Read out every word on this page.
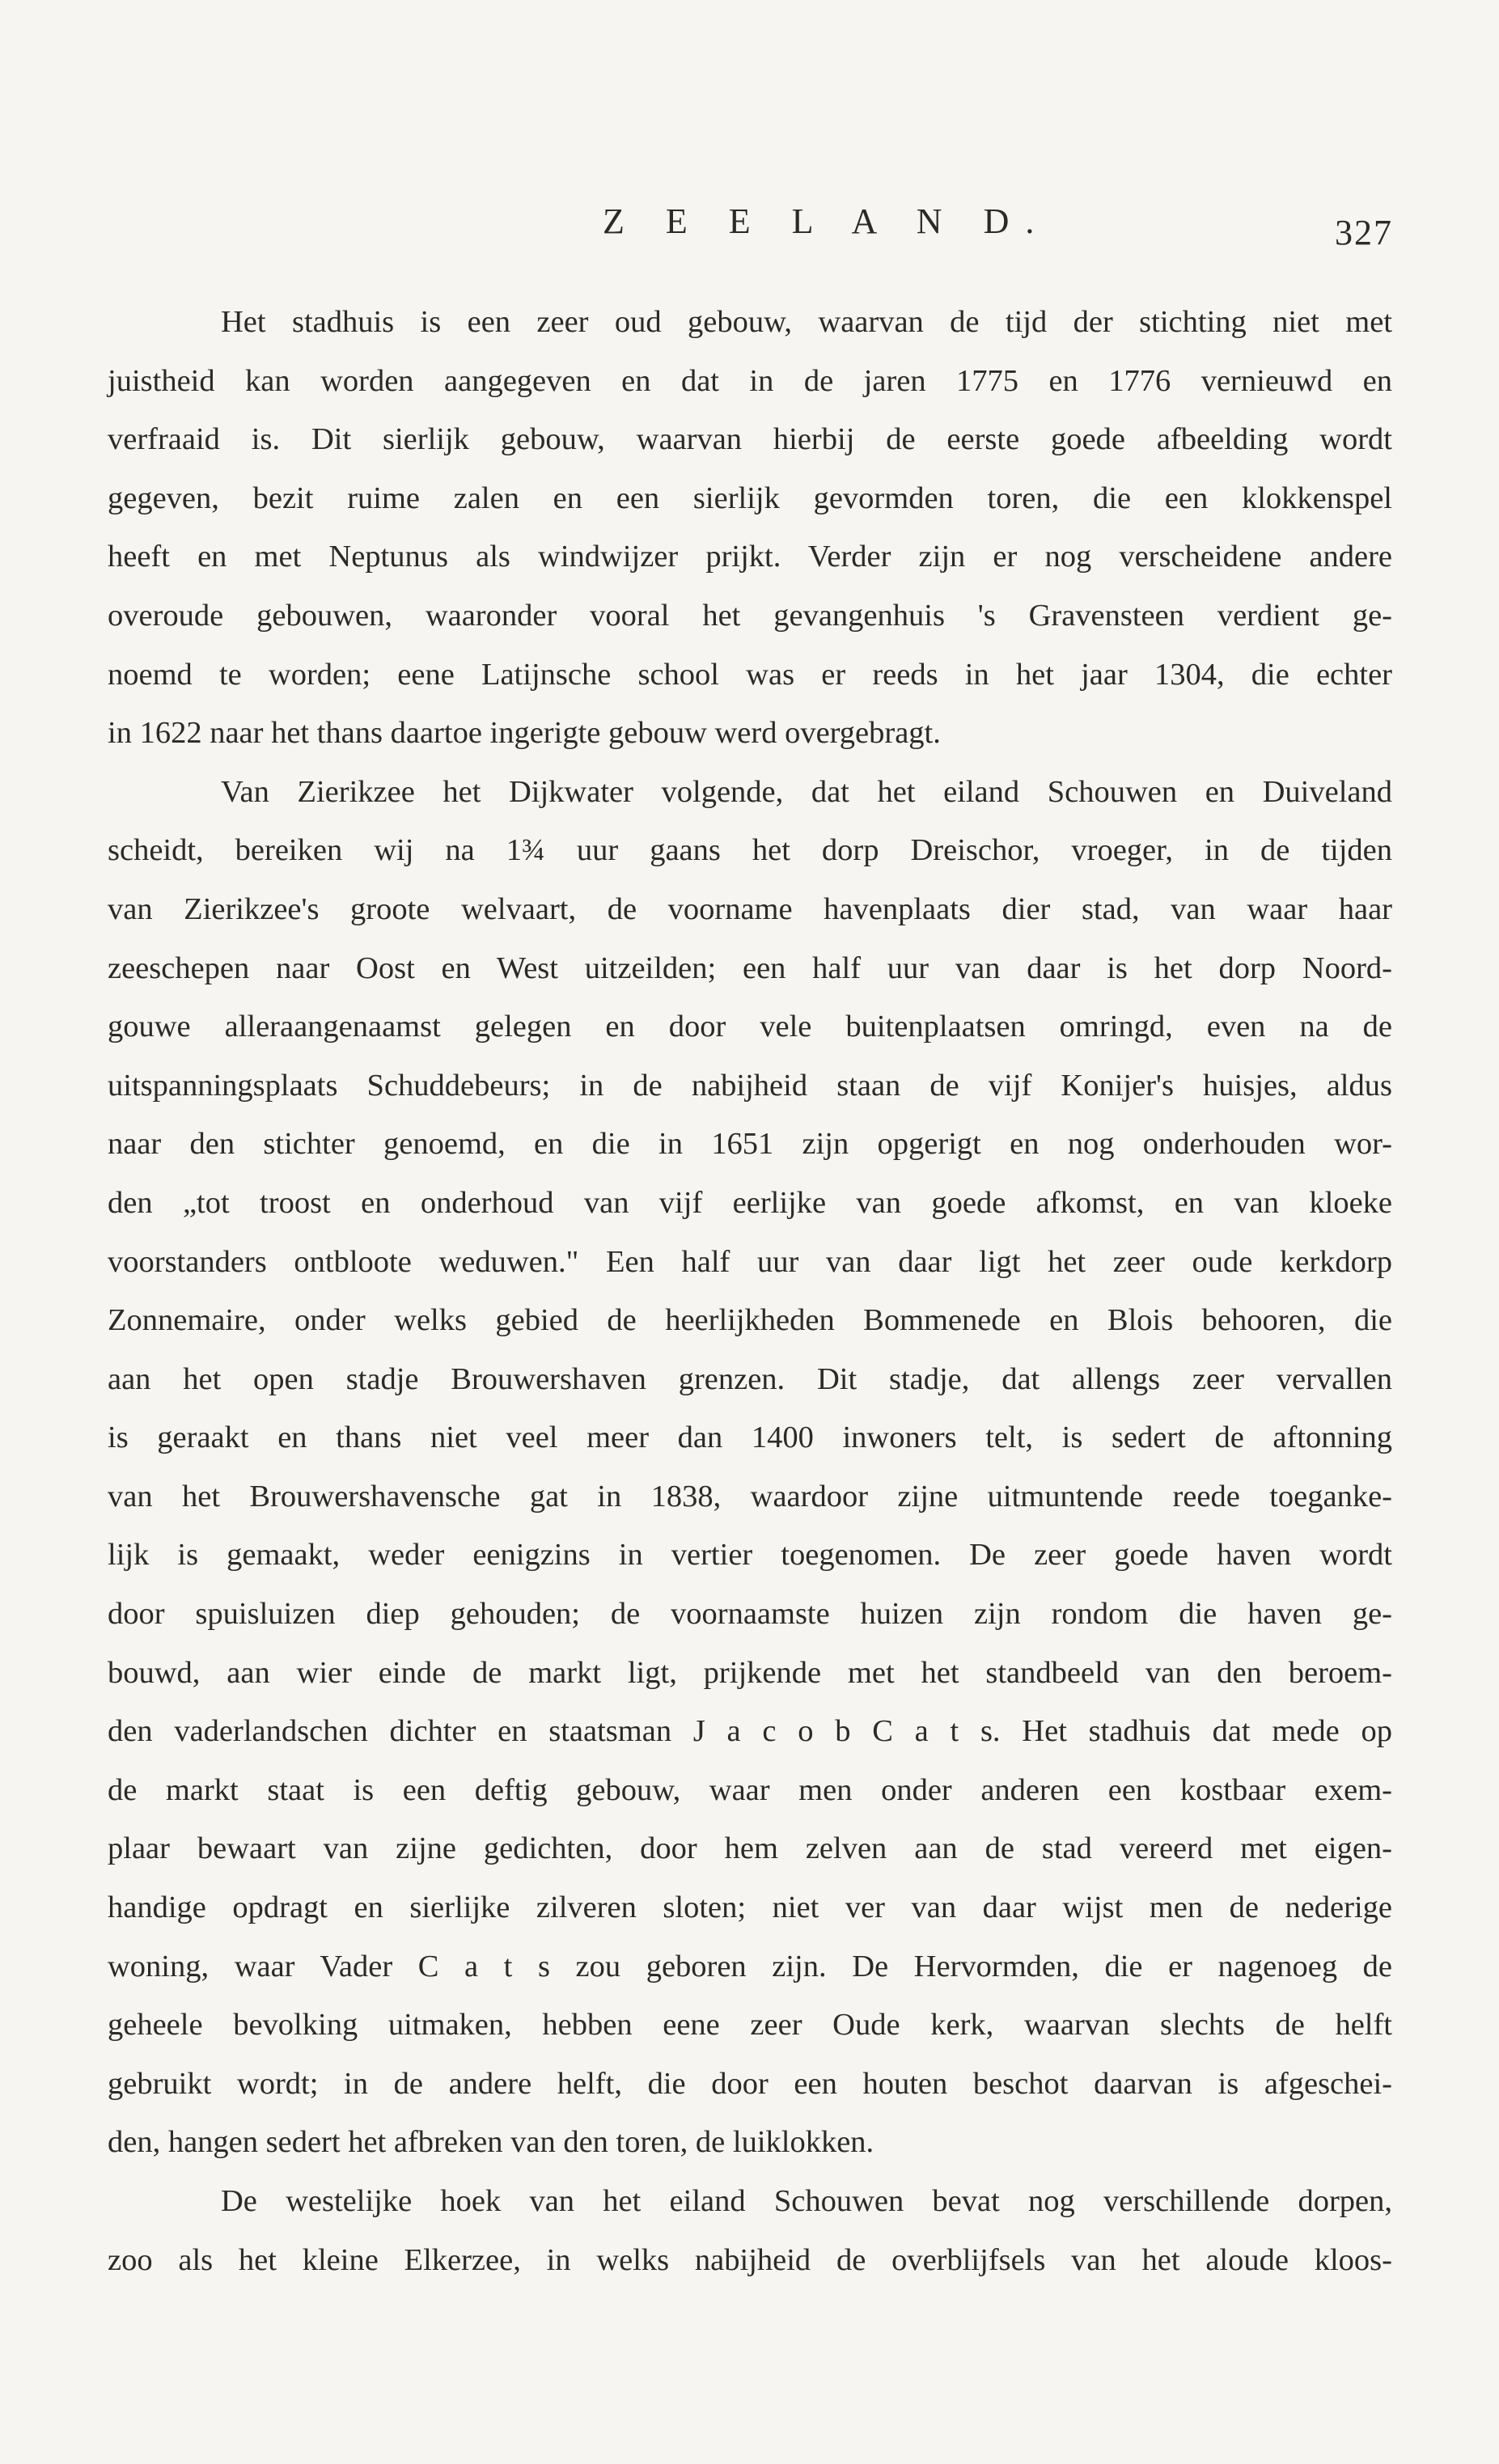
Z E E L A N D.	327
Het stadhuis is een zeer oud gebouw, waarvan de tijd der stichting niet met
juistheid kan worden aangegeven en dat in de jaren 1775 en 1776 vernieuwd en
verfraaid is. Dit sierlijk gebouw, waarvan hierbij de eerste goede afbeelding wordt
gegeven, bezit ruime zalen en een sierlijk gevormden toren, die een klokkenspel
heeft en met Neptunus als windwijzer prijkt. Verder zijn er nog verscheidene andere
overoude gebouwen, waaronder vooral het gevangenhuis 's Gravensteen verdient ge-
noemd te worden; eene Latijnsche school was er reeds in het jaar 1304, die echter
in 1622 naar het thans daartoe ingerigte gebouw werd overgebragt.
Van Zierikzee het Dijkwater volgende, dat het eiland Schouwen en Duiveland
scheidt, bereiken wij na 1¾ uur gaans het dorp Dreischor, vroeger, in de tijden
van Zierikzee's groote welvaart, de voorname havenplaats dier stad, van waar haar
zeeschepen naar Oost en West uitzeilden; een half uur van daar is het dorp Noord-
gouwe alleraangenaamst gelegen en door vele buitenplaatsen omringd, even na de
uitspanningsplaats Schuddebeurs; in de nabijheid staan de vijf Konijer's huisjes, aldus
naar den stichter genoemd, en die in 1651 zijn opgerigt en nog onderhouden wor-
den „tot troost en onderhoud van vijf eerlijke van goede afkomst, en van kloeke
voorstanders ontbloote weduwen." Een half uur van daar ligt het zeer oude kerkdorp
Zonnemaire, onder welks gebied de heerlijkheden Bommenede en Blois behooren, die
aan het open stadje Brouwershaven grenzen. Dit stadje, dat allengs zeer vervallen
is geraakt en thans niet veel meer dan 1400 inwoners telt, is sedert de aftonning
van het Brouwershavensche gat in 1838, waardoor zijne uitmuntende reede toeganke-
lijk is gemaakt, weder eenigzins in vertier toegenomen. De zeer goede haven wordt
door spuisluizen diep gehouden; de voornaamste huizen zijn rondom die haven ge-
bouwd, aan wier einde de markt ligt, prijkende met het standbeeld van den beroem-
den vaderlandschen dichter en staatsman J a c o b C a t s. Het stadhuis dat mede op
de markt staat is een deftig gebouw, waar men onder anderen een kostbaar exem-
plaar bewaart van zijne gedichten, door hem zelven aan de stad vereerd met eigen-
handige opdragt en sierlijke zilveren sloten; niet ver van daar wijst men de nederige
woning, waar Vader C a t s zou geboren zijn. De Hervormden, die er nagenoeg de
geheele bevolking uitmaken, hebben eene zeer Oude kerk, waarvan slechts de helft
gebruikt wordt; in de andere helft, die door een houten beschot daarvan is afgeschei-
den, hangen sedert het afbreken van den toren, de luiklokken.
De westelijke hoek van het eiland Schouwen bevat nog verschillende dorpen,
zoo als het kleine Elkerzee, in welks nabijheid de overblijfsels van het aloude kloos-
